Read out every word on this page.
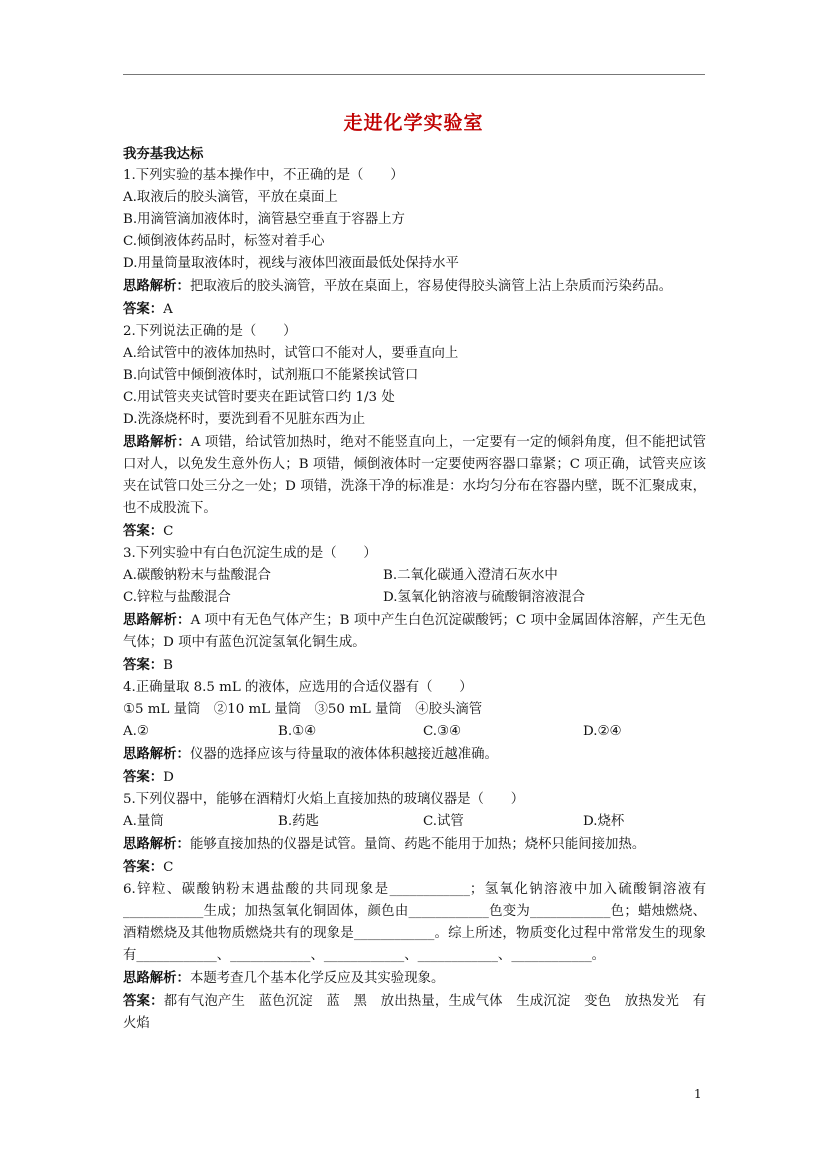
走进化学实验室

我夯基我达标

1.下列实验的基本操作中，不正确的是（　　）

A.取液后的胶头滴管，平放在桌面上

B.用滴管滴加液体时，滴管悬空垂直于容器上方

C.倾倒液体药品时，标签对着手心

D.用量筒量取液体时，视线与液体凹液面最低处保持水平

思路解析：把取液后的胶头滴管，平放在桌面上，容易使得胶头滴管上沾上杂质而污染药品。

答案：A

2.下列说法正确的是（　　）

A.给试管中的液体加热时，试管口不能对人，要垂直向上

B.向试管中倾倒液体时，试剂瓶口不能紧挨试管口

C.用试管夹夹试管时要夹在距试管口约 1/3 处

D.洗涤烧杯时，要洗到看不见脏东西为止

思路解析：A 项错，给试管加热时，绝对不能竖直向上，一定要有一定的倾斜角度，但不能把试管口对人，以免发生意外伤人；B 项错，倾倒液体时一定要使两容器口靠紧；C 项正确，试管夹应该夹在试管口处三分之一处；D 项错，洗涤干净的标准是：水均匀分布在容器内壁，既不汇聚成束，也不成股流下。

答案：C

3.下列实验中有白色沉淀生成的是（　　）

A.碳酸钠粉末与盐酸混合	B.二氧化碳通入澄清石灰水中
C.锌粒与盐酸混合	D.氢氧化钠溶液与硫酸铜溶液混合

思路解析：A 项中有无色气体产生；B 项中产生白色沉淀碳酸钙；C 项中金属固体溶解，产生无色气体；D 项中有蓝色沉淀氢氧化铜生成。

答案：B

4.正确量取 8.5 mL 的液体，应选用的合适仪器有（　　）

①5 mL 量筒　②10 mL 量筒　③50 mL 量筒　④胶头滴管

A.②	B.①④	C.③④	D.②④

思路解析：仪器的选择应该与待量取的液体体积越接近越准确。

答案：D

5.下列仪器中，能够在酒精灯火焰上直接加热的玻璃仪器是（　　）

A.量筒	B.药匙	C.试管	D.烧杯

思路解析：能够直接加热的仪器是试管。量筒、药匙不能用于加热；烧杯只能间接加热。

答案：C

6.锌粒、碳酸钠粉末遇盐酸的共同现象是____________；氢氧化钠溶液中加入硫酸铜溶液有____________生成；加热氢氧化铜固体，颜色由____________色变为____________色；蜡烛燃烧、酒精燃烧及其他物质燃烧共有的现象是____________。综上所述，物质变化过程中常常发生的现象有____________、____________、____________、____________、____________。

思路解析：本题考查几个基本化学反应及其实验现象。

答案：都有气泡产生　蓝色沉淀　蓝　黑　放出热量，生成气体　生成沉淀　变色　放热发光　有火焰

1
